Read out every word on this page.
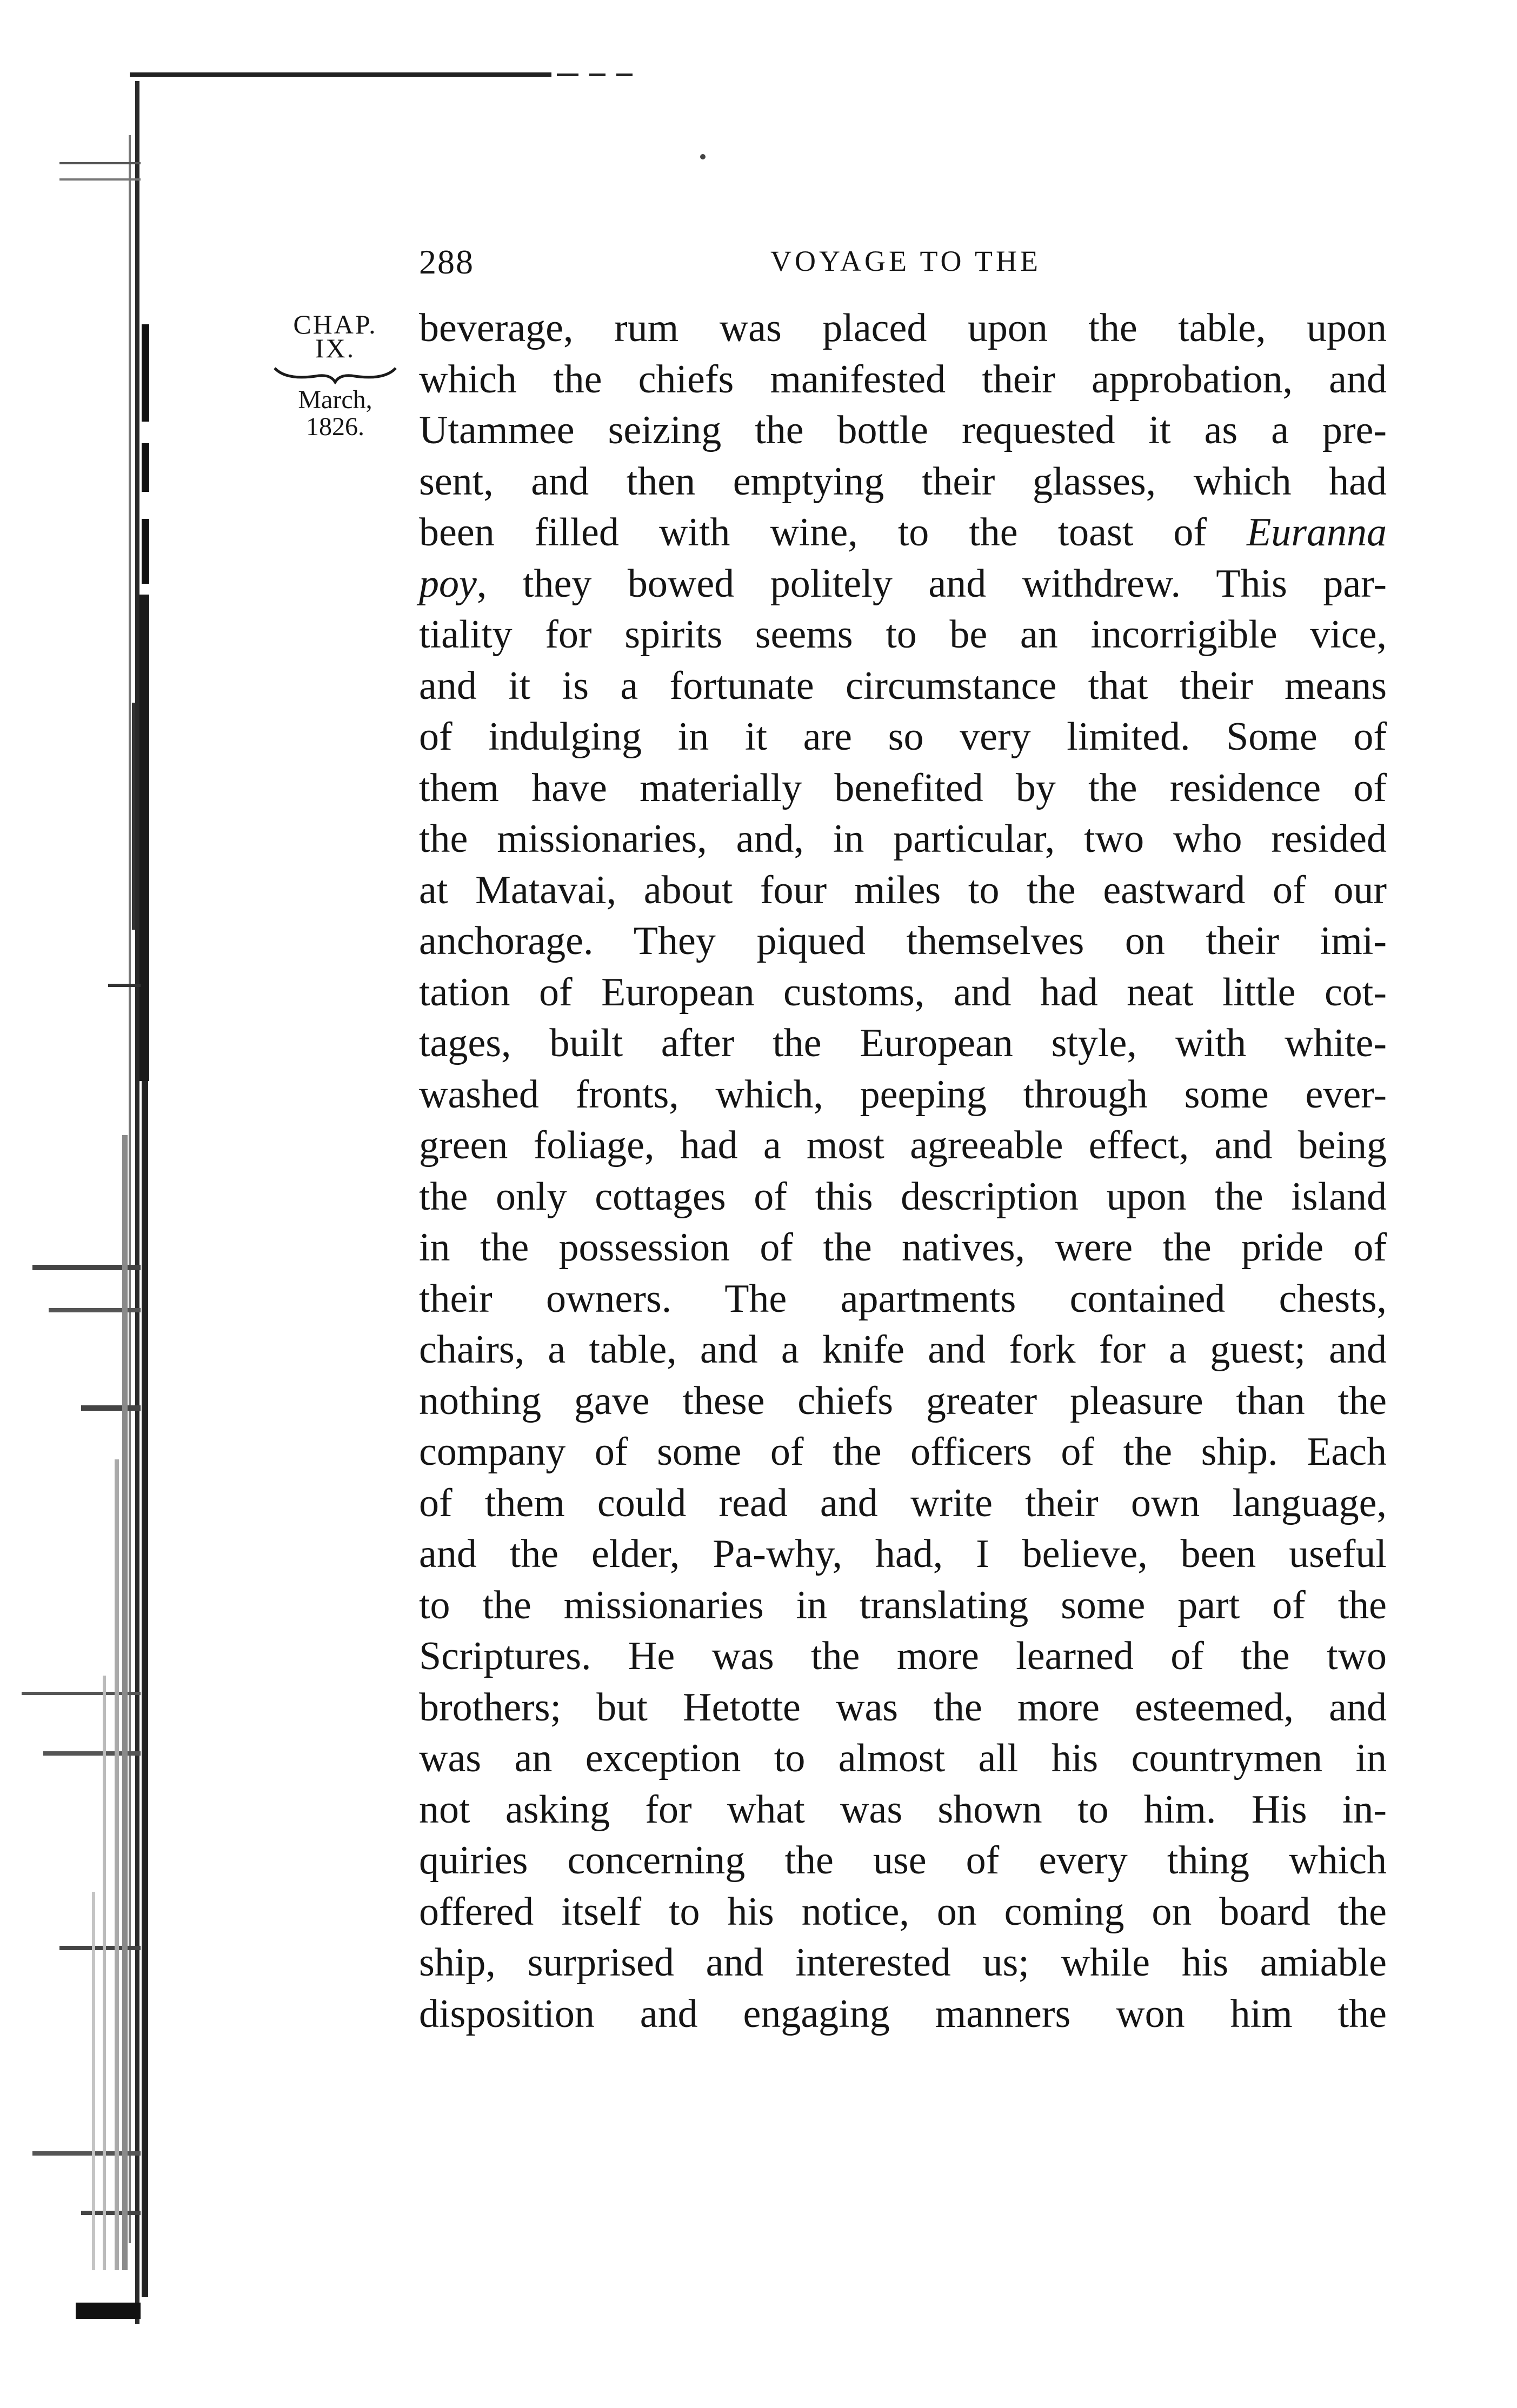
288	VOYAGE TO THE
CHAP.
IX.
March,
1826.
beverage, rum was placed upon the table, upon
which the chiefs manifested their approbation, and
Utammee seizing the bottle requested it as a pre-
sent, and then emptying their glasses, which had
been filled with wine, to the toast of Euranna
poy, they bowed politely and withdrew. This par-
tiality for spirits seems to be an incorrigible vice,
and it is a fortunate circumstance that their means
of indulging in it are so very limited. Some of
them have materially benefited by the residence of
the missionaries, and, in particular, two who resided
at Matavai, about four miles to the eastward of our
anchorage. They piqued themselves on their imi-
tation of European customs, and had neat little cot-
tages, built after the European style, with white-
washed fronts, which, peeping through some ever-
green foliage, had a most agreeable effect, and being
the only cottages of this description upon the island
in the possession of the natives, were the pride of
their owners. The apartments contained chests,
chairs, a table, and a knife and fork for a guest; and
nothing gave these chiefs greater pleasure than the
company of some of the officers of the ship. Each
of them could read and write their own language,
and the elder, Pa-why, had, I believe, been useful
to the missionaries in translating some part of the
Scriptures. He was the more learned of the two
brothers; but Hetotte was the more esteemed, and
was an exception to almost all his countrymen in
not asking for what was shown to him. His in-
quiries concerning the use of every thing which
offered itself to his notice, on coming on board the
ship, surprised and interested us; while his amiable
disposition and engaging manners won him the
